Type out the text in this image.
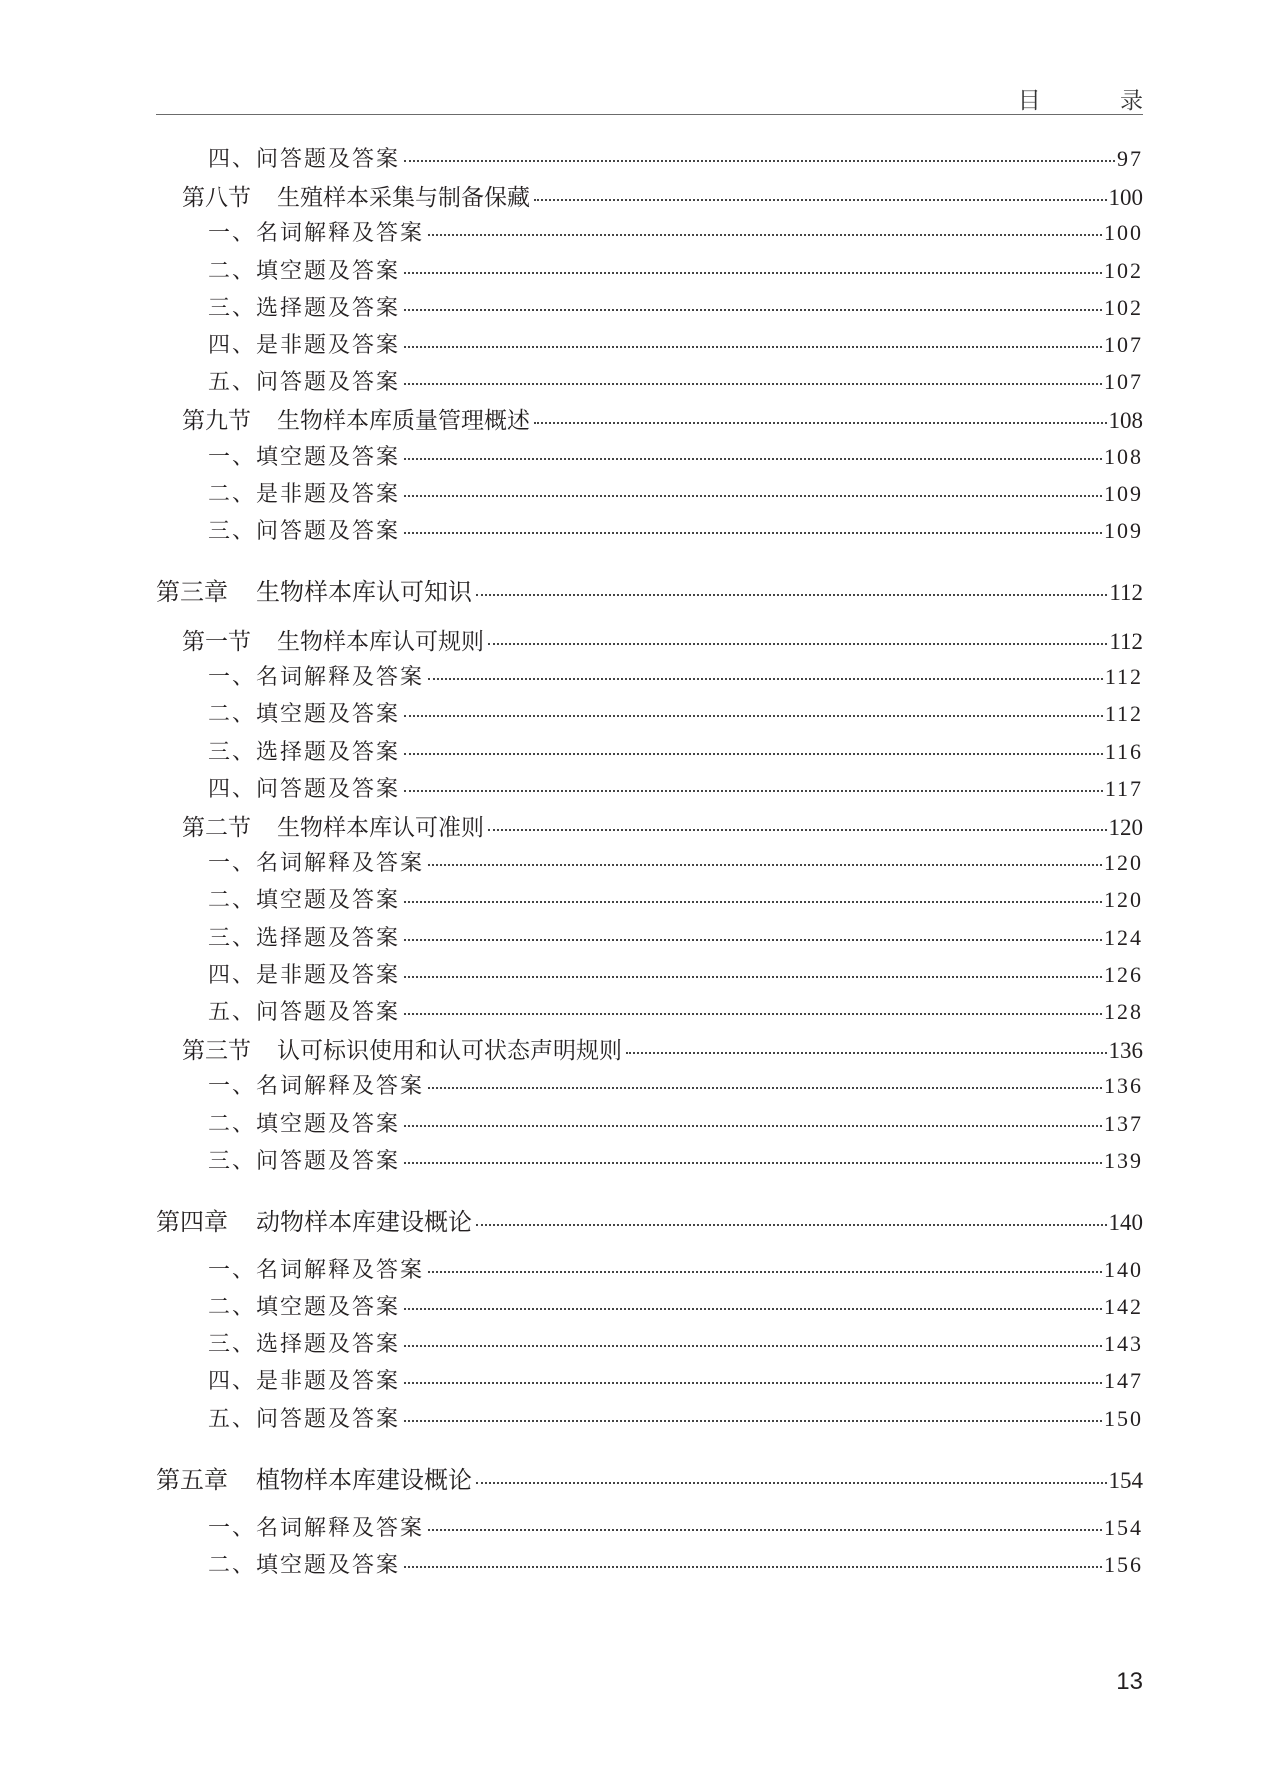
目 录
四、问答题及答案	97
第八节 生殖样本采集与制备保藏	100
一、名词解释及答案	100
二、填空题及答案	102
三、选择题及答案	102
四、是非题及答案	107
五、问答题及答案	107
第九节 生物样本库质量管理概述	108
一、填空题及答案	108
二、是非题及答案	109
三、问答题及答案	109
第三章 生物样本库认可知识	112
第一节 生物样本库认可规则	112
一、名词解释及答案	112
二、填空题及答案	112
三、选择题及答案	116
四、问答题及答案	117
第二节 生物样本库认可准则	120
一、名词解释及答案	120
二、填空题及答案	120
三、选择题及答案	124
四、是非题及答案	126
五、问答题及答案	128
第三节 认可标识使用和认可状态声明规则	136
一、名词解释及答案	136
二、填空题及答案	137
三、问答题及答案	139
第四章 动物样本库建设概论	140
一、名词解释及答案	140
二、填空题及答案	142
三、选择题及答案	143
四、是非题及答案	147
五、问答题及答案	150
第五章 植物样本库建设概论	154
一、名词解释及答案	154
二、填空题及答案	156
13
